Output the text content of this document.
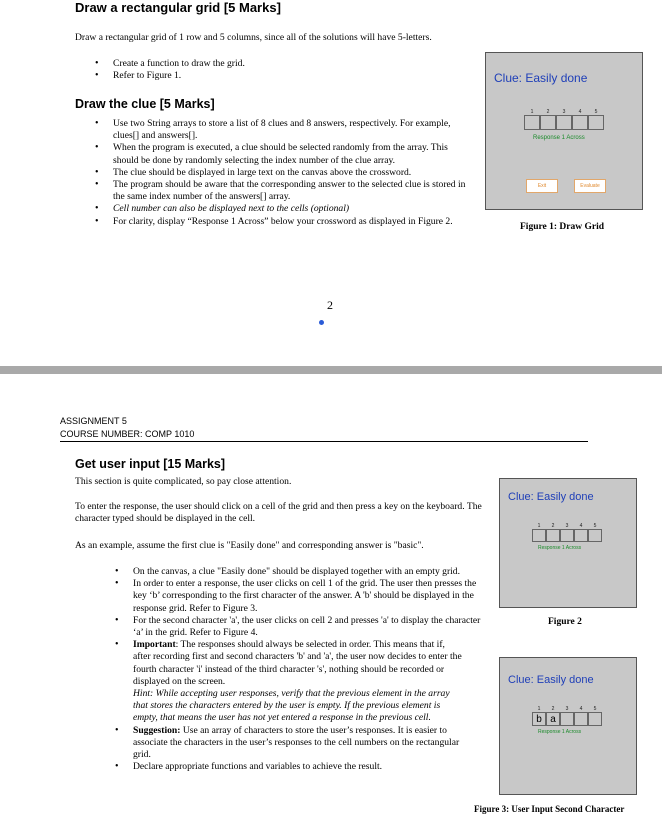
Draw a rectangular grid [5 Marks]
Draw a rectangular grid of 1 row and 5 columns, since all of the solutions will have 5-letters.
• Create a function to draw the grid.
• Refer to Figure 1.
Draw the clue [5 Marks]
• Use two String arrays to store a list of 8 clues and 8 answers, respectively. For example, clues[] and answers[].
• When the program is executed, a clue should be selected randomly from the array. This should be done by randomly selecting the index number of the clue array.
• The clue should be displayed in large text on the canvas above the crossword.
• The program should be aware that the corresponding answer to the selected clue is stored in the same index number of the answers[] array.
• Cell number can also be displayed next to the cells (optional)
• For clarity, display “Response 1 Across” below your crossword as displayed in Figure 2.
Clue: Easily done
1	2	3	4	5
Response 1 Across
Exit	Evaluate
Figure 1: Draw Grid
2
ASSIGNMENT 5
COURSE NUMBER: COMP 1010
Get user input [15 Marks]
This section is quite complicated, so pay close attention.
To enter the response, the user should click on a cell of the grid and then press a key on the keyboard. The character typed should be displayed in the cell.
As an example, assume the first clue is "Easily done" and corresponding answer is "basic".
• On the canvas, a clue "Easily done" should be displayed together with an empty grid.
• In order to enter a response, the user clicks on cell 1 of the grid. The user then presses the key ‘b’ corresponding to the first character of the answer. A 'b' should be displayed in the response grid. Refer to Figure 3.
• For the second character 'a', the user clicks on cell 2 and presses 'a' to display the character ‘a’ in the grid. Refer to Figure 4.
• Important: The responses should always be selected in order. This means that if, after recording first and second characters 'b' and 'a', the user now decides to enter the fourth character 'i' instead of the third character 's', nothing should be recorded or displayed on the screen.
Hint: While accepting user responses, verify that the previous element in the array that stores the characters entered by the user is empty. If the previous element is empty, that means the user has not yet entered a response in the previous cell.
• Suggestion: Use an array of characters to store the user’s responses. It is easier to associate the characters in the user’s responses to the cell numbers on the rectangular grid.
• Declare appropriate functions and variables to achieve the result.
Clue: Easily done
1 2 3 4 5
Response 1 Across
Figure 2
Clue: Easily done
1
b
2
a
3 4 5
Response 1 Across
Figure 3: User Input Second Character
